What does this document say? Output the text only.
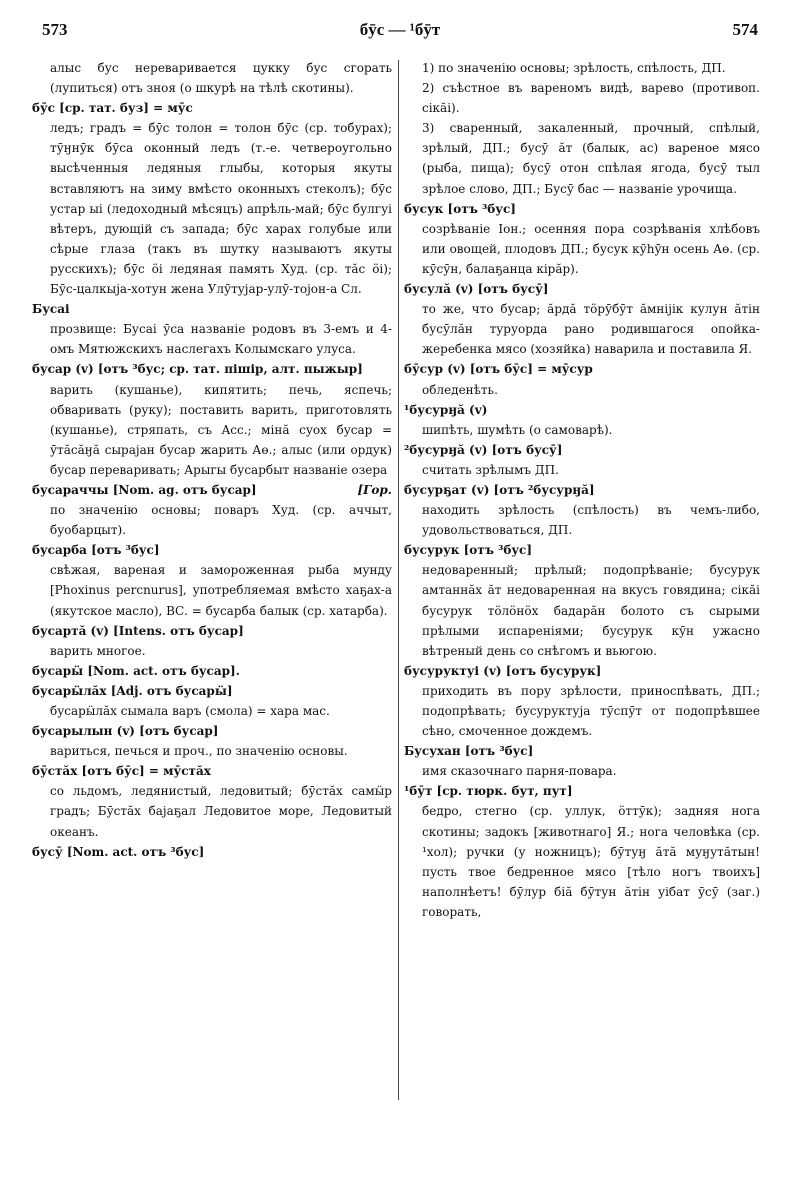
573	бӯс — ¹бӯт	574

алыс бус нереваривается цукку бус сгорать (лупиться) отъ зноя (о шкурѣ на тѣлѣ скотины).

бӯс [ср. тат. буз] = мӯс
ледъ; градъ = бӯс толон = толон бӯс (ср. тобурах); тӯӈнӯк бӯса оконный ледъ (т.-е. четвероугольно высѣченныя ледяныя глыбы, которыя якуты вставляютъ на зиму вмѣсто оконныхъ стеколъ); бӯс устар ыі (ледоходный мѣсяцъ) апрѣль-май; бӯс булгуі вѣтеръ, дующій съ запада; бӯс харах голубые или сѣрые глаза (такъ въ шутку называютъ якуты русскихъ); бӯс ӧі ледяная память Худ. (ср. тӑс ӧі); Бӯс-цалкыја-хотун жена Улӯтујар-улӯ-тојон-а Сл.
Бусаі
прозвище: Бусаі ӯса названіе родовъ въ 3-емъ и 4-омъ Мятюжскихъ наслегахъ Колымскаго улуса.
бусар (v) [отъ ³бус; ср. тат. пішір, алт. пыжыр]
варить (кушанье), кипятить; печь, яспечь; обваривать (руку); поставить варить, приготовлять (кушанье), стряпать, съ Acc.; мінӑ суох бусар = ӯтӑсӑӈӑ сырајан бусар жарить Аө.; алыс (или ордук) бусар переваривать; Арыгы бусарбыт названіе озера
бусараччы [Nom. ag. отъ бусар]	[Гор.
по значенію основы; поваръ Худ. (ср. аччыт, буобарцыт).
бусарба [отъ ³бус]
свѣжая, вареная и замороженная рыба мунду [Phoxinus percnurus], употребляемая вмѣсто хаҕах-а (якутское масло), ВС. = бусарба балык (ср. хатарба).
бусартӑ (v) [Intens. отъ бусар]
варить многое.
бусарӹ [Nom. act. отъ бусар].
бусарӹлӑх [Adj. отъ бусарӹ]
бусарӹлӑх сымала варъ (смола) = хара мас.
бусарылын (v) [отъ бусар]
вариться, печься и проч., по значенію основы.
бӯстӑх [отъ бӯс] = мӯстӑх
со льдомъ, ледянистый, ледовитый; бӯстӑх самӹр градъ; Бӯстӑх бајаҕал Ледовитое море, Ледовитый океанъ.
бусӯ [Nom. act. отъ ³бус]
1) по значенію основы; зрѣлость, спѣлость, ДП.
2) съѣстное въ вареномъ видѣ, варево (противоп. сікӑі).
3) сваренный, закаленный, прочный, спѣлый, зрѣлый, ДП.; бусӯ ӑт (балык, ас) вареное мясо (рыба, пища); бусӯ отон спѣлая ягода, бусӯ тыл зрѣлое слово, ДП.; Бусӯ бас — названіе урочища.
бусук [отъ ³бус]
созрѣваніе Іон.; осенняя пора созрѣванія хлѣбовъ или овощей, плодовъ ДП.; бусук кӯһӯн осень Аө. (ср. кӯсӯн, балаҕанца кірӑр).
бусулӑ (v) [отъ бусӯ]
то же, что бусар; ӑрдӑ тӧрӯбӯт ӑмніјік кулун ӑтін бусӯлӑн туруорда рано родившагося опойка-жеребенка мясо (хозяйка) наварила и поставила Я.
бӯсур (v) [отъ бӯс] = мӯсур
обледенѣть.
¹бусурӈӑ (v)
шипѣть, шумѣть (о самоварѣ).
²бусурӈӑ (v) [отъ бусӯ]
считать зрѣлымъ ДП.
бусурҕат (v) [отъ ²бусурӈӑ]
находить зрѣлость (спѣлость) въ чемъ-либо, удовольствоваться, ДП.
бусурук [отъ ³бус]
недоваренный; прѣлый; подопрѣваніе; бусурук амтаннӑх ӑт недоваренная на вкусъ говядина; сікӑі бусурук тӧлӧнӧх бадарӑн болото съ сырыми прѣлыми испареніями; бусурук кӯн ужасно вѣтреный день со снѣгомъ и вьюгою.
бусуруктуі (v) [отъ бусурук]
приходить въ пору зрѣлости, приноспѣвать, ДП.; подопрѣвать; бусуруктуја тӯспӯт от подопрѣвшее сѣно, смоченное дождемъ.
Бусухан [отъ ³бус]
имя сказочнаго парня-повара.
¹бӯт [ср. тюрк. бут, пут]
бедро, стегно (ср. уллук, ӧттӯк); задняя нога скотины; задокъ [животнаго] Я.; нога человѣка (ср. ¹хол); ручки (у ножницъ); бӯтуӈ ӑтӑ муӈутӑтын! пусть твое бедренное мясо [тѣло ногъ твоихъ] наполнѣетъ! бӯлур біӑ бӯтун ӑтін уібат ӯсӯ (заг.) говорать,
